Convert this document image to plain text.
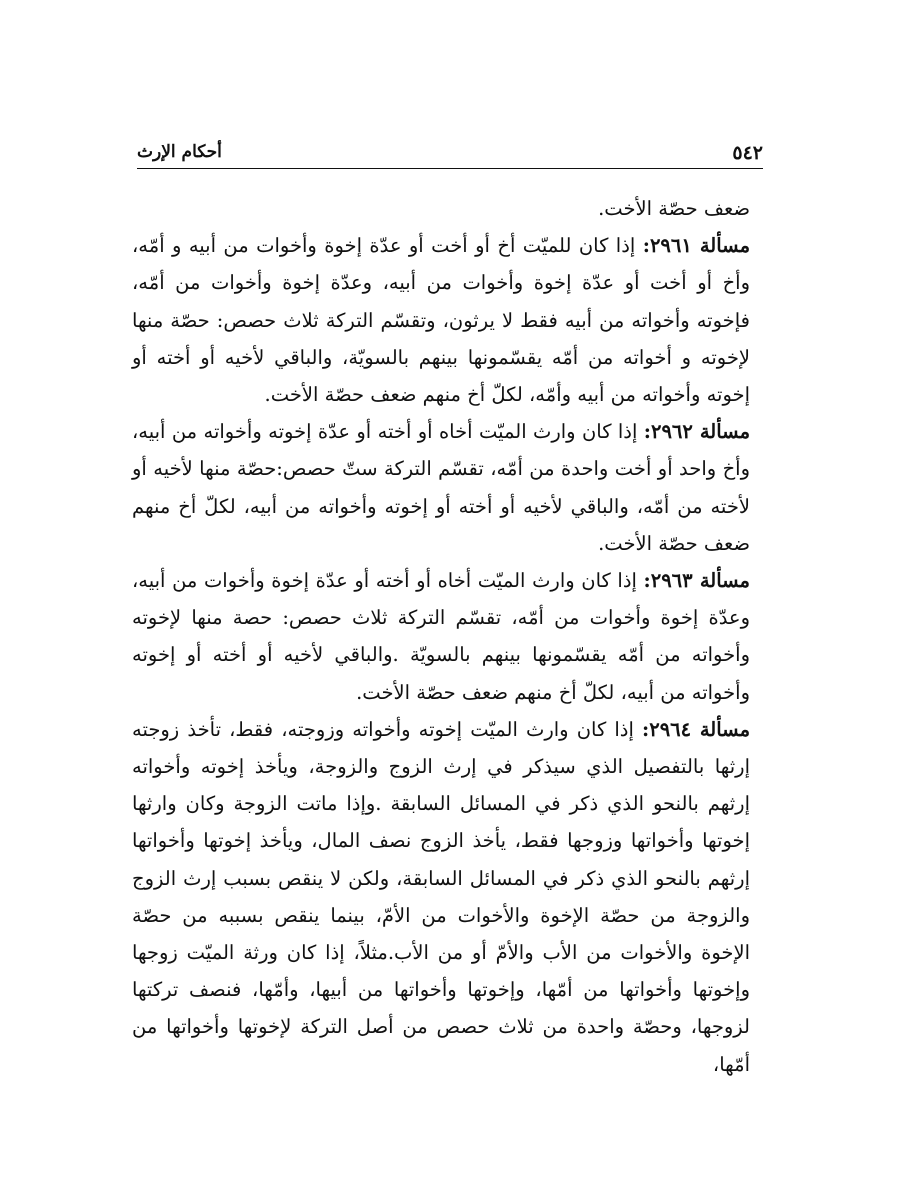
٥٤٢
أحكام الإرث

ضعف حصّة الأخت.

مسألة ٢٩٦١: إذا كان للميّت أخ أو أخت أو عدّة إخوة وأخوات من أبيه و أمّه، وأخ أو أخت أو عدّة إخوة وأخوات من أبيه، وعدّة إخوة وأخوات من أمّه، فإخوته وأخواته من أبيه فقط لا يرثون، وتقسّم التركة ثلاث حصص: حصّة منها لإخوته و أخواته من أمّه يقسّمونها بينهم بالسويّة، والباقي لأخيه أو أخته أو إخوته وأخواته من أبيه وأمّه، لكلّ أخ منهم ضعف حصّة الأخت.

مسألة ٢٩٦٢: إذا كان وارث الميّت أخاه أو أخته أو عدّة إخوته وأخواته من أبيه، وأخ واحد أو أخت واحدة من أمّه، تقسّم التركة ستّ حصص:حصّة منها لأخيه أو لأخته من أمّه، والباقي لأخيه أو أخته أو إخوته وأخواته من أبيه، لكلّ أخ منهم ضعف حصّة الأخت.

مسألة ٢٩٦٣: إذا كان وارث الميّت أخاه أو أخته أو عدّة إخوة وأخوات من أبيه، وعدّة إخوة وأخوات من أمّه، تقسّم التركة ثلاث حصص: حصة منها لإخوته وأخواته من أمّه يقسّمونها بينهم بالسويّة .والباقي لأخيه أو أخته أو إخوته وأخواته من أبيه، لكلّ أخ منهم ضعف حصّة الأخت.

مسألة ٢٩٦٤: إذا كان وارث الميّت إخوته وأخواته وزوجته، فقط، تأخذ زوجته إرثها بالتفصيل الذي سيذكر في إرث الزوج والزوجة، ويأخذ إخوته وأخواته إرثهم بالنحو الذي ذكر في المسائل السابقة .وإذا ماتت الزوجة وكان وارثها إخوتها وأخواتها وزوجها فقط، يأخذ الزوج نصف المال، ويأخذ إخوتها وأخواتها إرثهم بالنحو الذي ذكر في المسائل السابقة، ولكن لا ينقص بسبب إرث الزوج والزوجة من حصّة الإخوة والأخوات من الأمّ، بينما ينقص بسببه من حصّة الإخوة والأخوات من الأب والأمّ أو من الأب.مثلاً، إذا كان ورثة الميّت زوجها وإخوتها وأخواتها من أمّها، وإخوتها وأخواتها من أبيها، وأمّها، فنصف تركتها لزوجها، وحصّة واحدة من ثلاث حصص من أصل التركة لإخوتها وأخواتها من أمّها،
